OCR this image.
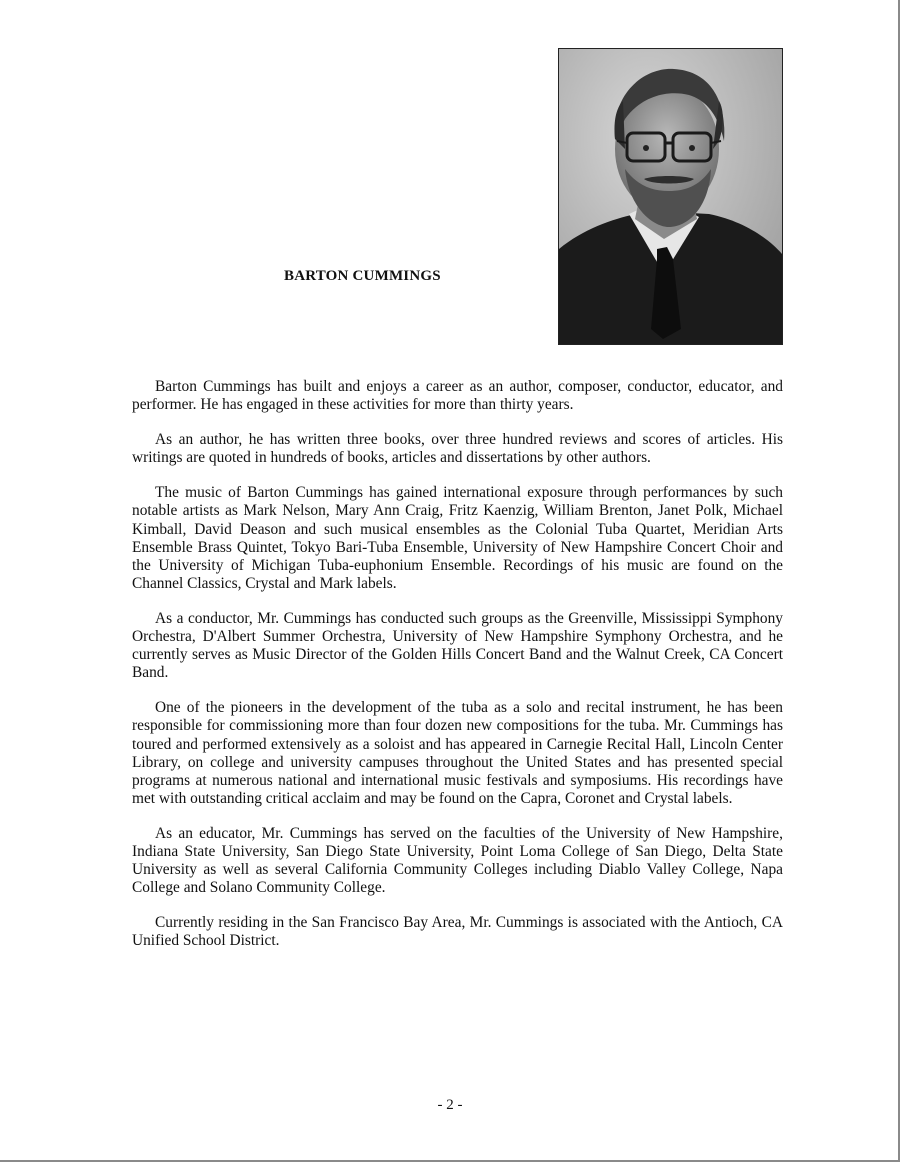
BARTON CUMMINGS

Barton Cummings has built and enjoys a career as an author, composer, conductor, educator, and performer. He has engaged in these activities for more than thirty years.

As an author, he has written three books, over three hundred reviews and scores of articles. His writings are quoted in hundreds of books, articles and dissertations by other authors.

The music of Barton Cummings has gained international exposure through performances by such notable artists as Mark Nelson, Mary Ann Craig, Fritz Kaenzig, William Brenton, Janet Polk, Michael Kimball, David Deason and such musical ensembles as the Colonial Tuba Quartet, Meridian Arts Ensemble Brass Quintet, Tokyo Bari-Tuba Ensemble, University of New Hampshire Concert Choir and the University of Michigan Tuba-euphonium Ensemble. Recordings of his music are found on the Channel Classics, Crystal and Mark labels.

As a conductor, Mr. Cummings has conducted such groups as the Greenville, Mississippi Symphony Orchestra, D'Albert Summer Orchestra, University of New Hampshire Symphony Orchestra, and he currently serves as Music Director of the Golden Hills Concert Band and the Walnut Creek, CA Concert Band.

One of the pioneers in the development of the tuba as a solo and recital instrument, he has been responsible for commissioning more than four dozen new compositions for the tuba. Mr. Cummings has toured and performed extensively as a soloist and has appeared in Carnegie Recital Hall, Lincoln Center Library, on college and university campuses throughout the United States and has presented special programs at numerous national and international music festivals and symposiums. His recordings have met with outstanding critical acclaim and may be found on the Capra, Coronet and Crystal labels.

As an educator, Mr. Cummings has served on the faculties of the University of New Hampshire, Indiana State University, San Diego State University, Point Loma College of San Diego, Delta State University as well as several California Community Colleges including Diablo Valley College, Napa College and Solano Community College.

Currently residing in the San Francisco Bay Area, Mr. Cummings is associated with the Antioch, CA Unified School District.

- 2 -
